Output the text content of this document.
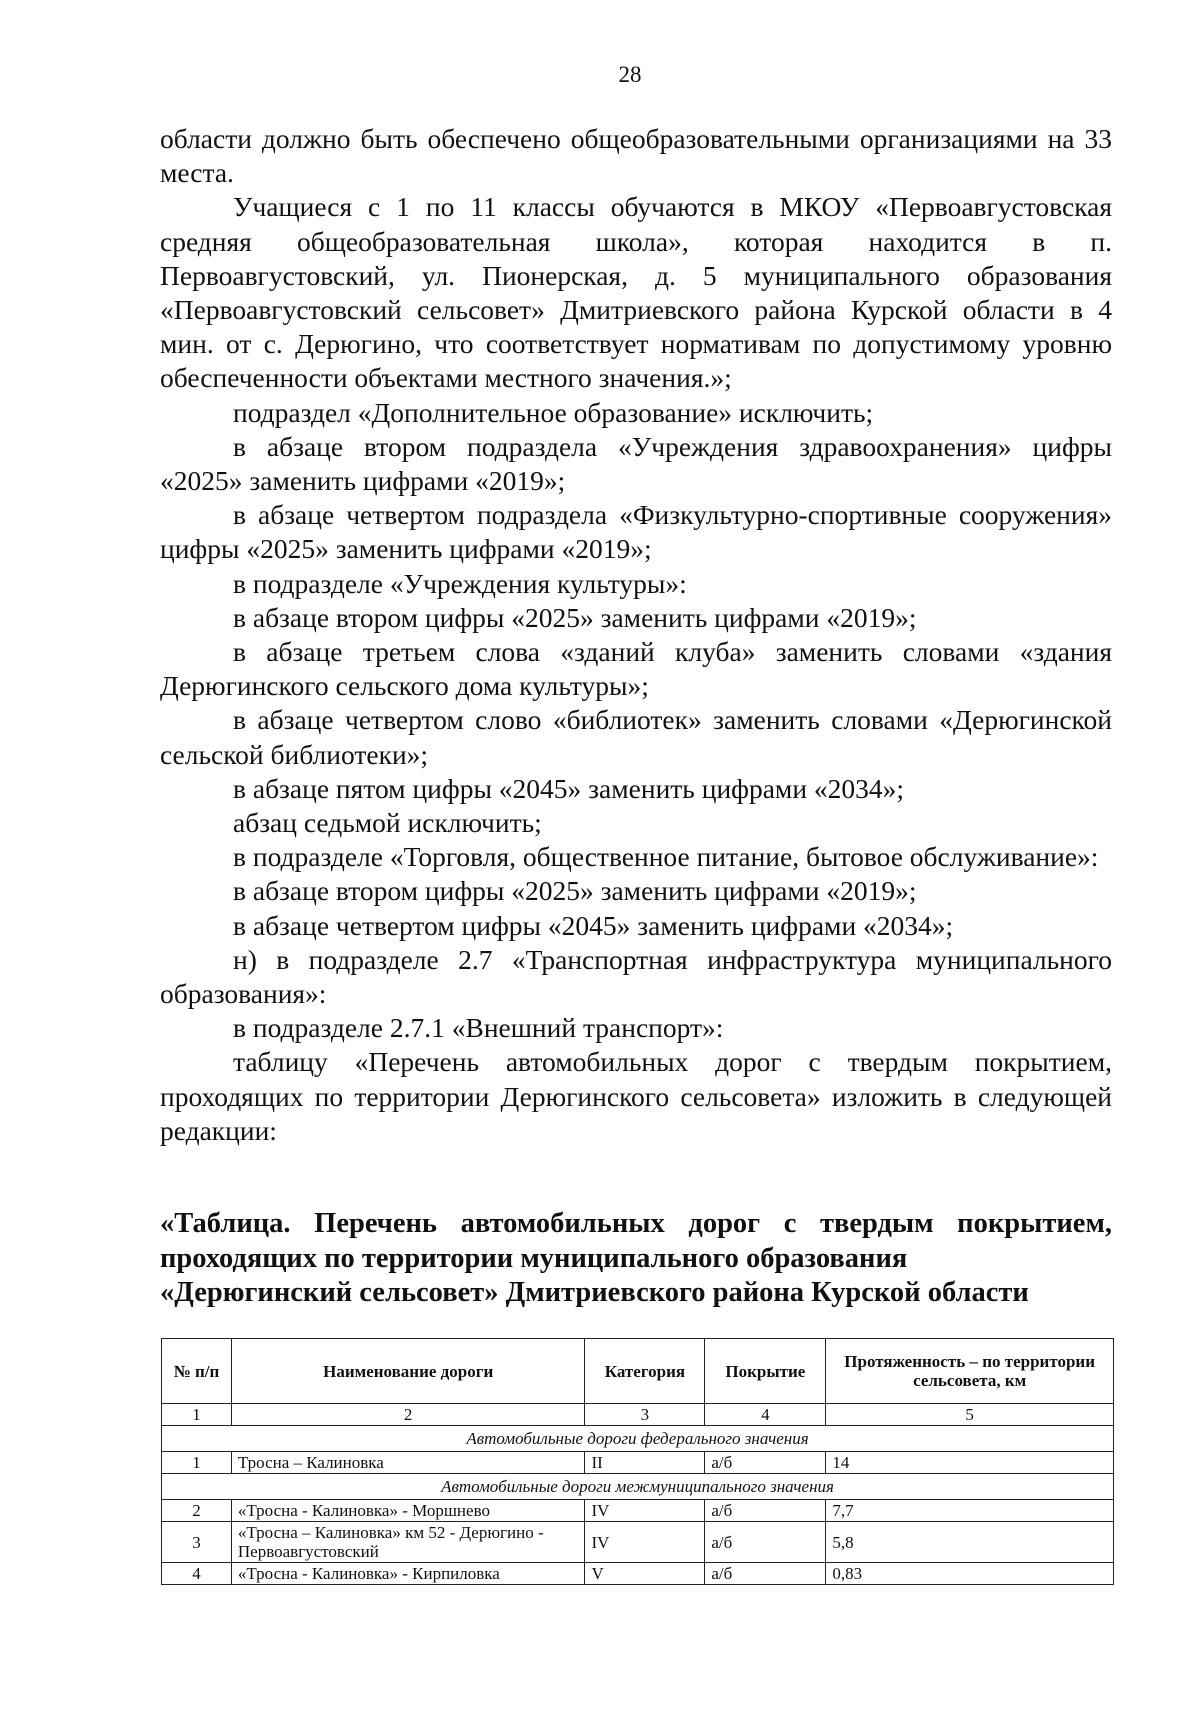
28

области должно быть обеспечено общеобразовательными организациями на 33 места.

Учащиеся с 1 по 11 классы обучаются в МКОУ «Первоавгустовская средняя общеобразовательная школа», которая находится в п. Первоавгустовский, ул. Пионерская, д. 5 муниципального образования «Первоавгустовский сельсовет» Дмитриевского района Курской области в 4 мин. от с. Дерюгино, что соответствует нормативам по допустимому уровню обеспеченности объектами местного значения.»;

подраздел «Дополнительное образование» исключить;

в абзаце втором подраздела «Учреждения здравоохранения» цифры «2025» заменить цифрами «2019»;

в абзаце четвертом подраздела «Физкультурно-спортивные сооружения» цифры «2025» заменить цифрами «2019»;

в подразделе «Учреждения культуры»:

в абзаце втором цифры «2025» заменить цифрами «2019»;

в абзаце третьем слова «зданий клуба» заменить словами «здания Дерюгинского сельского дома культуры»;

в абзаце четвертом слово «библиотек» заменить словами «Дерюгинской сельской библиотеки»;

в абзаце пятом цифры «2045» заменить цифрами «2034»;

абзац седьмой исключить;

в подразделе «Торговля, общественное питание, бытовое обслуживание»:

в абзаце втором цифры «2025» заменить цифрами «2019»;

в абзаце четвертом цифры «2045» заменить цифрами «2034»;

н) в подразделе 2.7 «Транспортная инфраструктура муниципального образования»:

в подразделе 2.7.1 «Внешний транспорт»:

таблицу «Перечень автомобильных дорог с твердым покрытием, проходящих по территории Дерюгинского сельсовета» изложить в следующей редакции:

«Таблица. Перечень автомобильных дорог с твердым покрытием, проходящих по территории муниципального образования
«Дерюгинский сельсовет» Дмитриевского района Курской области
№ п/п	Наименование дороги	Категория	Покрытие	Протяженность – по территории сельсовета, км
1	2	3	4	5
Автомобильные дороги федерального значения				
1	Тросна – Калиновка	II	а/б	14
Автомобильные дороги межмуниципального значения				
2	«Тросна - Калиновка» - Моршнево	IV	а/б	7,7
3	«Тросна – Калиновка» км 52 - Дерюгино - Первоавгустовский	IV	а/б	5,8
4	«Тросна - Калиновка» - Кирпиловка	V	а/б	0,83
